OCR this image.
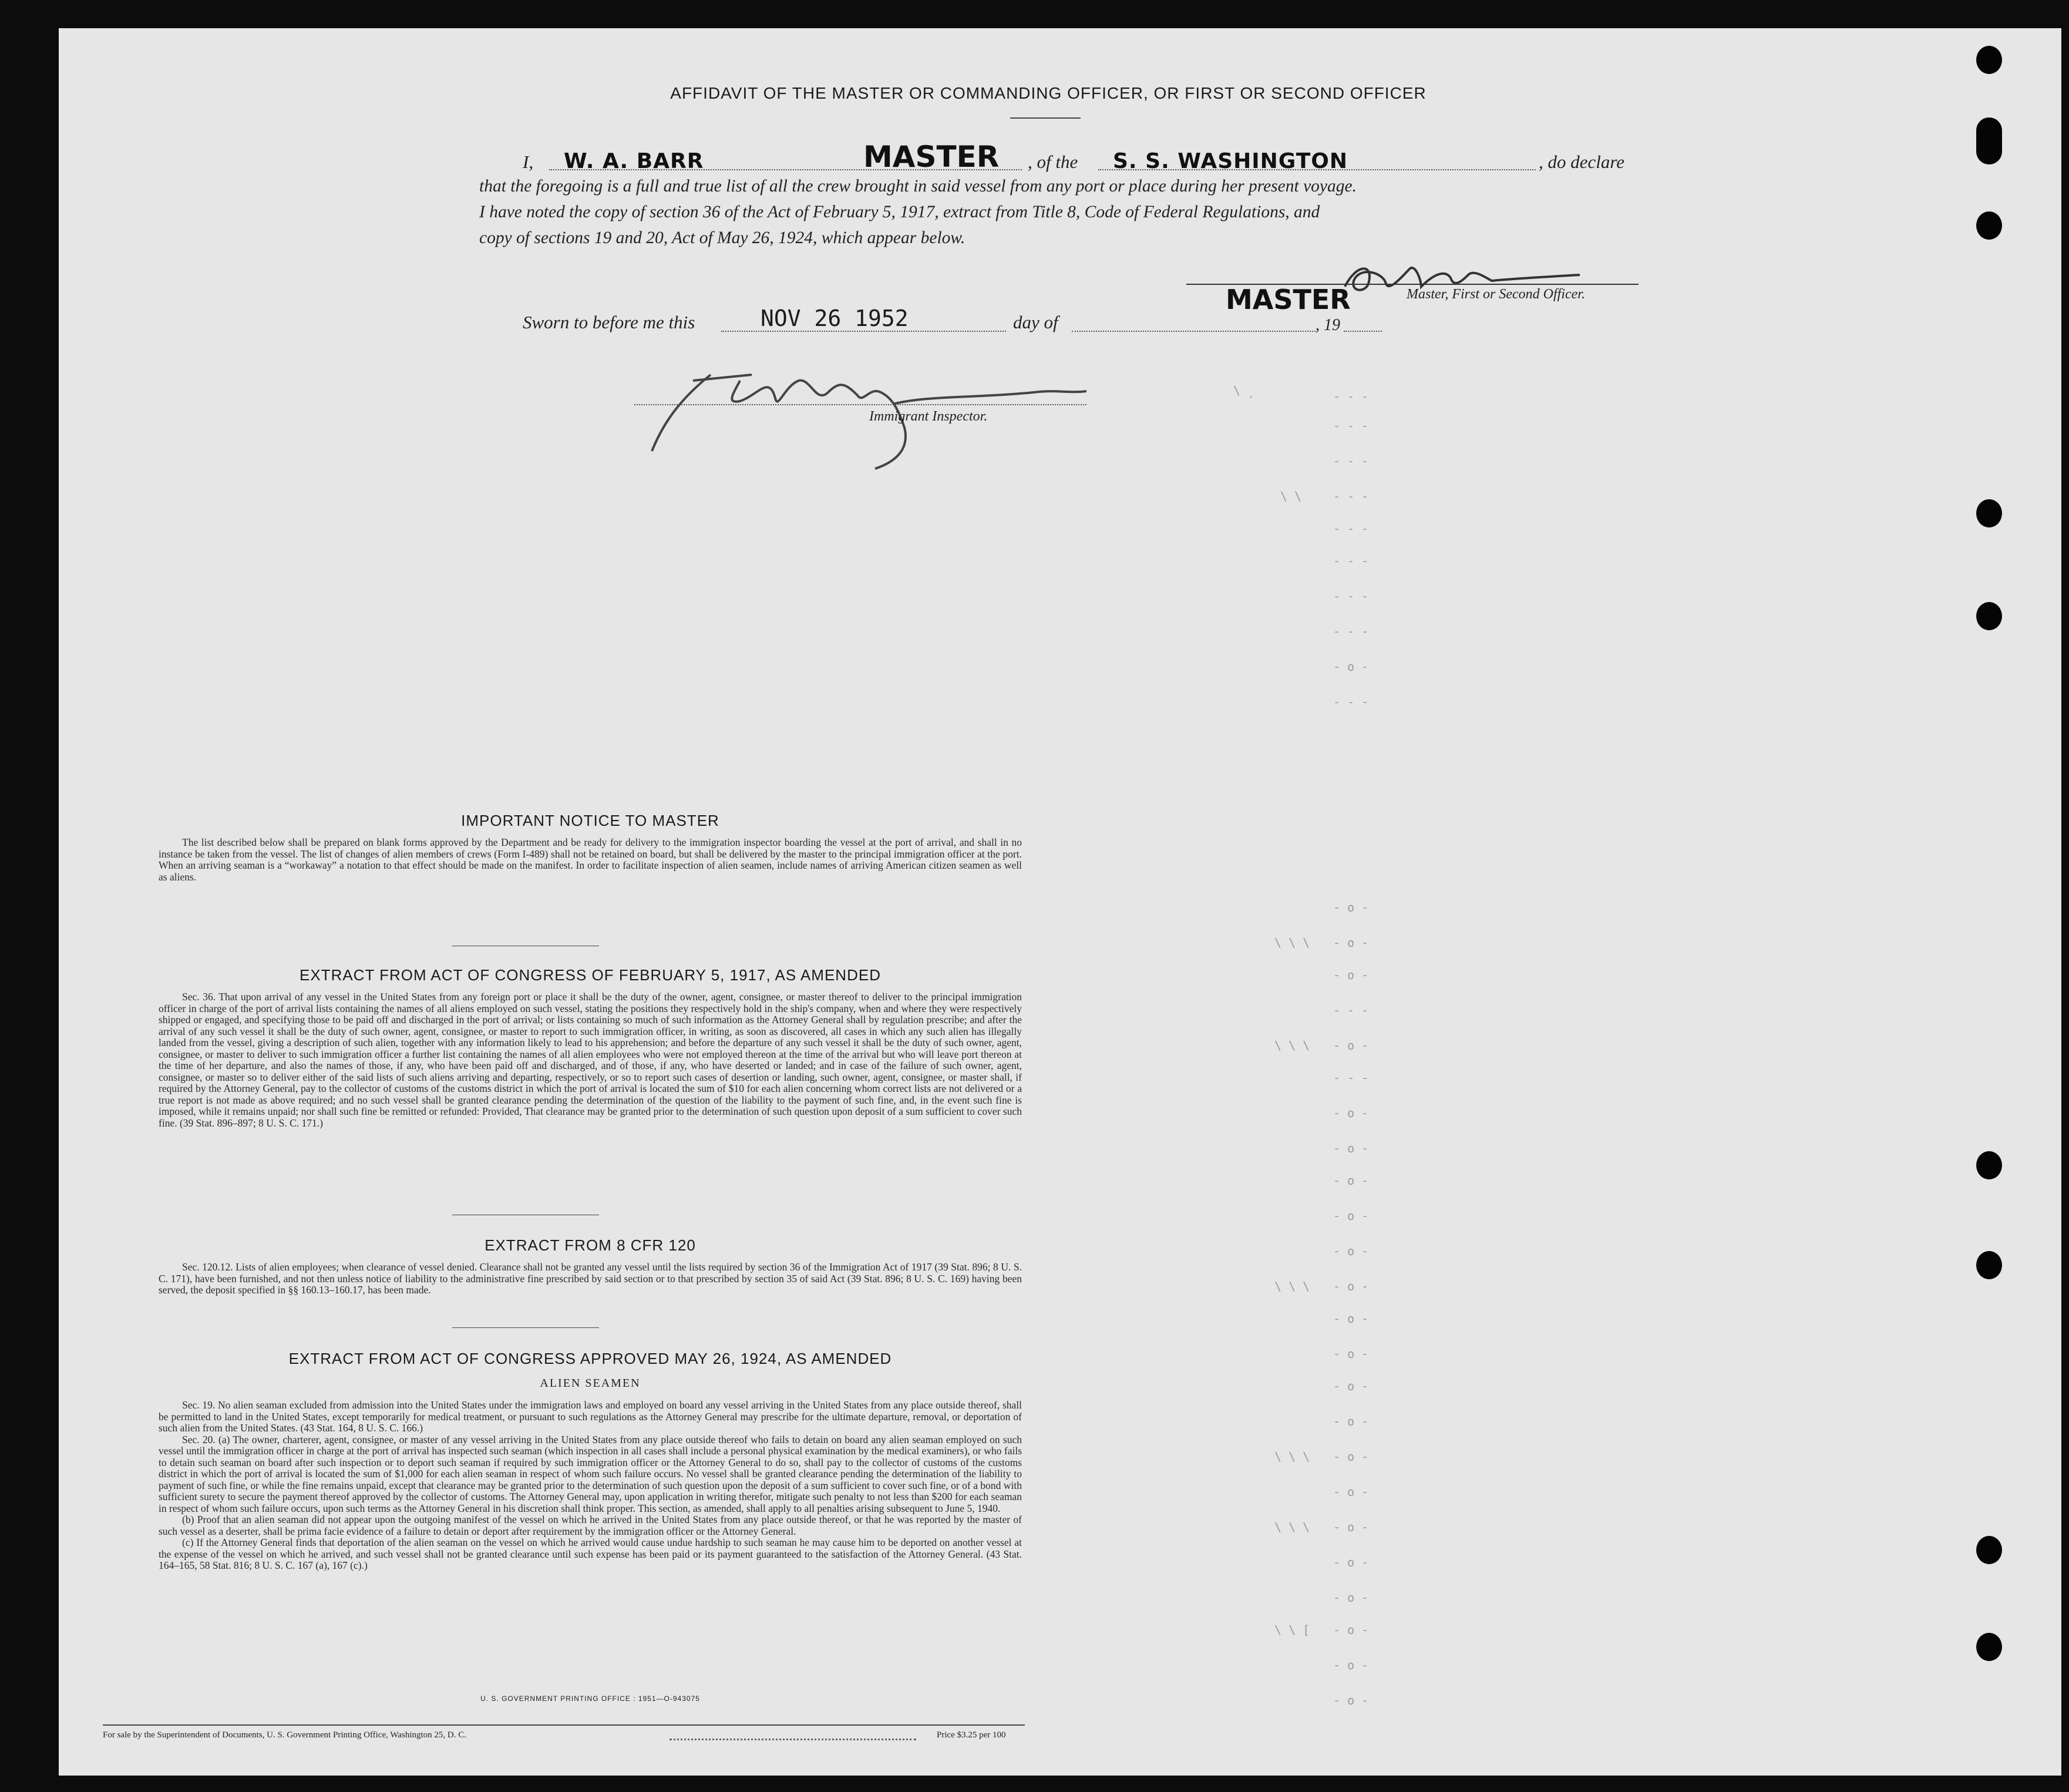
AFFIDAVIT OF THE MASTER OR COMMANDING OFFICER, OR FIRST OR SECOND OFFICER
I, W. A. BARR	MASTER , of the S. S. WASHINGTON	, do declare
that the foregoing is a full and true list of all the crew brought in said vessel from any port or place during her present voyage.
I have noted the copy of section 36 of the Act of February 5, 1917, extract from Title 8, Code of Federal Regulations, and
copy of sections 19 and 20, Act of May 26, 1924, which appear below.
MASTER	Master, First or Second Officer.
Sworn to before me this	NOV 26 1952	day of	, 19
Immigrant Inspector.
IMPORTANT NOTICE TO MASTER

The list described below shall be prepared on blank forms approved by the Department and be ready for delivery to the immigration inspector boarding the vessel at the port of arrival, and shall in no instance be taken from the vessel. The list of changes of alien members of crews (Form I-489) shall not be retained on board, but shall be delivered by the master to the principal immigration officer at the port. When an arriving seaman is a “workaway” a notation to that effect should be made on the manifest. In order to facilitate inspection of alien seamen, include names of arriving American citizen seamen as well as aliens.

EXTRACT FROM ACT OF CONGRESS OF FEBRUARY 5, 1917, AS AMENDED

Sec. 36. That upon arrival of any vessel in the United States from any foreign port or place it shall be the duty of the owner, agent, consignee, or master thereof to deliver to the principal immigration officer in charge of the port of arrival lists containing the names of all aliens employed on such vessel, stating the positions they respectively hold in the ship's company, when and where they were respectively shipped or engaged, and specifying those to be paid off and discharged in the port of arrival; or lists containing so much of such information as the Attorney General shall by regulation prescribe; and after the arrival of any such vessel it shall be the duty of such owner, agent, consignee, or master to report to such immigration officer, in writing, as soon as discovered, all cases in which any such alien has illegally landed from the vessel, giving a description of such alien, together with any information likely to lead to his apprehension; and before the departure of any such vessel it shall be the duty of such owner, agent, consignee, or master to deliver to such immigration officer a further list containing the names of all alien employees who were not employed thereon at the time of the arrival but who will leave port thereon at the time of her departure, and also the names of those, if any, who have been paid off and discharged, and of those, if any, who have deserted or landed; and in case of the failure of such owner, agent, consignee, or master so to deliver either of the said lists of such aliens arriving and departing, respectively, or so to report such cases of desertion or landing, such owner, agent, consignee, or master shall, if required by the Attorney General, pay to the collector of customs of the customs district in which the port of arrival is located the sum of $10 for each alien concerning whom correct lists are not delivered or a true report is not made as above required; and no such vessel shall be granted clearance pending the determination of the question of the liability to the payment of such fine, and, in the event such fine is imposed, while it remains unpaid; nor shall such fine be remitted or refunded: Provided, That clearance may be granted prior to the determination of such question upon deposit of a sum sufficient to cover such fine. (39 Stat. 896–897; 8 U. S. C. 171.)

EXTRACT FROM 8 CFR 120

Sec. 120.12. Lists of alien employees; when clearance of vessel denied. Clearance shall not be granted any vessel until the lists required by section 36 of the Immigration Act of 1917 (39 Stat. 896; 8 U. S. C. 171), have been furnished, and not then unless notice of liability to the administrative fine prescribed by said section or to that prescribed by section 35 of said Act (39 Stat. 896; 8 U. S. C. 169) having been served, the deposit specified in §§ 160.13–160.17, has been made.

EXTRACT FROM ACT OF CONGRESS APPROVED MAY 26, 1924, AS AMENDED
ALIEN SEAMEN

Sec. 19. No alien seaman excluded from admission into the United States under the immigration laws and employed on board any vessel arriving in the United States from any place outside thereof, shall be permitted to land in the United States, except temporarily for medical treatment, or pursuant to such regulations as the Attorney General may prescribe for the ultimate departure, removal, or deportation of such alien from the United States. (43 Stat. 164, 8 U. S. C. 166.)

Sec. 20. (a) The owner, charterer, agent, consignee, or master of any vessel arriving in the United States from any place outside thereof who fails to detain on board any alien seaman employed on such vessel until the immigration officer in charge at the port of arrival has inspected such seaman (which inspection in all cases shall include a personal physical examination by the medical examiners), or who fails to detain such seaman on board after such inspection or to deport such seaman if required by such immigration officer or the Attorney General to do so, shall pay to the collector of customs of the customs district in which the port of arrival is located the sum of $1,000 for each alien seaman in respect of whom such failure occurs. No vessel shall be granted clearance pending the determination of the liability to payment of such fine, or while the fine remains unpaid, except that clearance may be granted prior to the determination of such question upon the deposit of a sum sufficient to cover such fine, or of a bond with sufficient surety to secure the payment thereof approved by the collector of customs. The Attorney General may, upon application in writing therefor, mitigate such penalty to not less than $200 for each seaman in respect of whom such failure occurs, upon such terms as the Attorney General in his discretion shall think proper. This section, as amended, shall apply to all penalties arising subsequent to June 5, 1940.

(b) Proof that an alien seaman did not appear upon the outgoing manifest of the vessel on which he arrived in the United States from any place outside thereof, or that he was reported by the master of such vessel as a deserter, shall be prima facie evidence of a failure to detain or deport after requirement by the immigration officer or the Attorney General.

(c) If the Attorney General finds that deportation of the alien seaman on the vessel on which he arrived would cause undue hardship to such seaman he may cause him to be deported on another vessel at the expense of the vessel on which he arrived, and such vessel shall not be granted clearance until such expense has been paid or its payment guaranteed to the satisfaction of the Attorney General. (43 Stat. 164–165, 58 Stat. 816; 8 U. S. C. 167 (a), 167 (c).)

U. S. GOVERNMENT PRINTING OFFICE : 1951—O-943075
For sale by the Superintendent of Documents, U. S. Government Printing Office, Washington 25, D. C.	Price $3.25 per 100
\ ˏ	- - -
- - -
- - -
\ \	- - -
- - -
- - -
- - -
- - -
- o -
- - -
- o -
\ \ \ - o -
- o -
- - -
\ \ \ - o -
- - -
- o -
- o -
- o -
- o -
- o -
\ \ \ - o -
- o -
- o -
- o -
- o -
\ \ \ - o -
- o -
\ \ \ - o -
- o -
- o -
\ \ [ - o -
- o -
- o -
